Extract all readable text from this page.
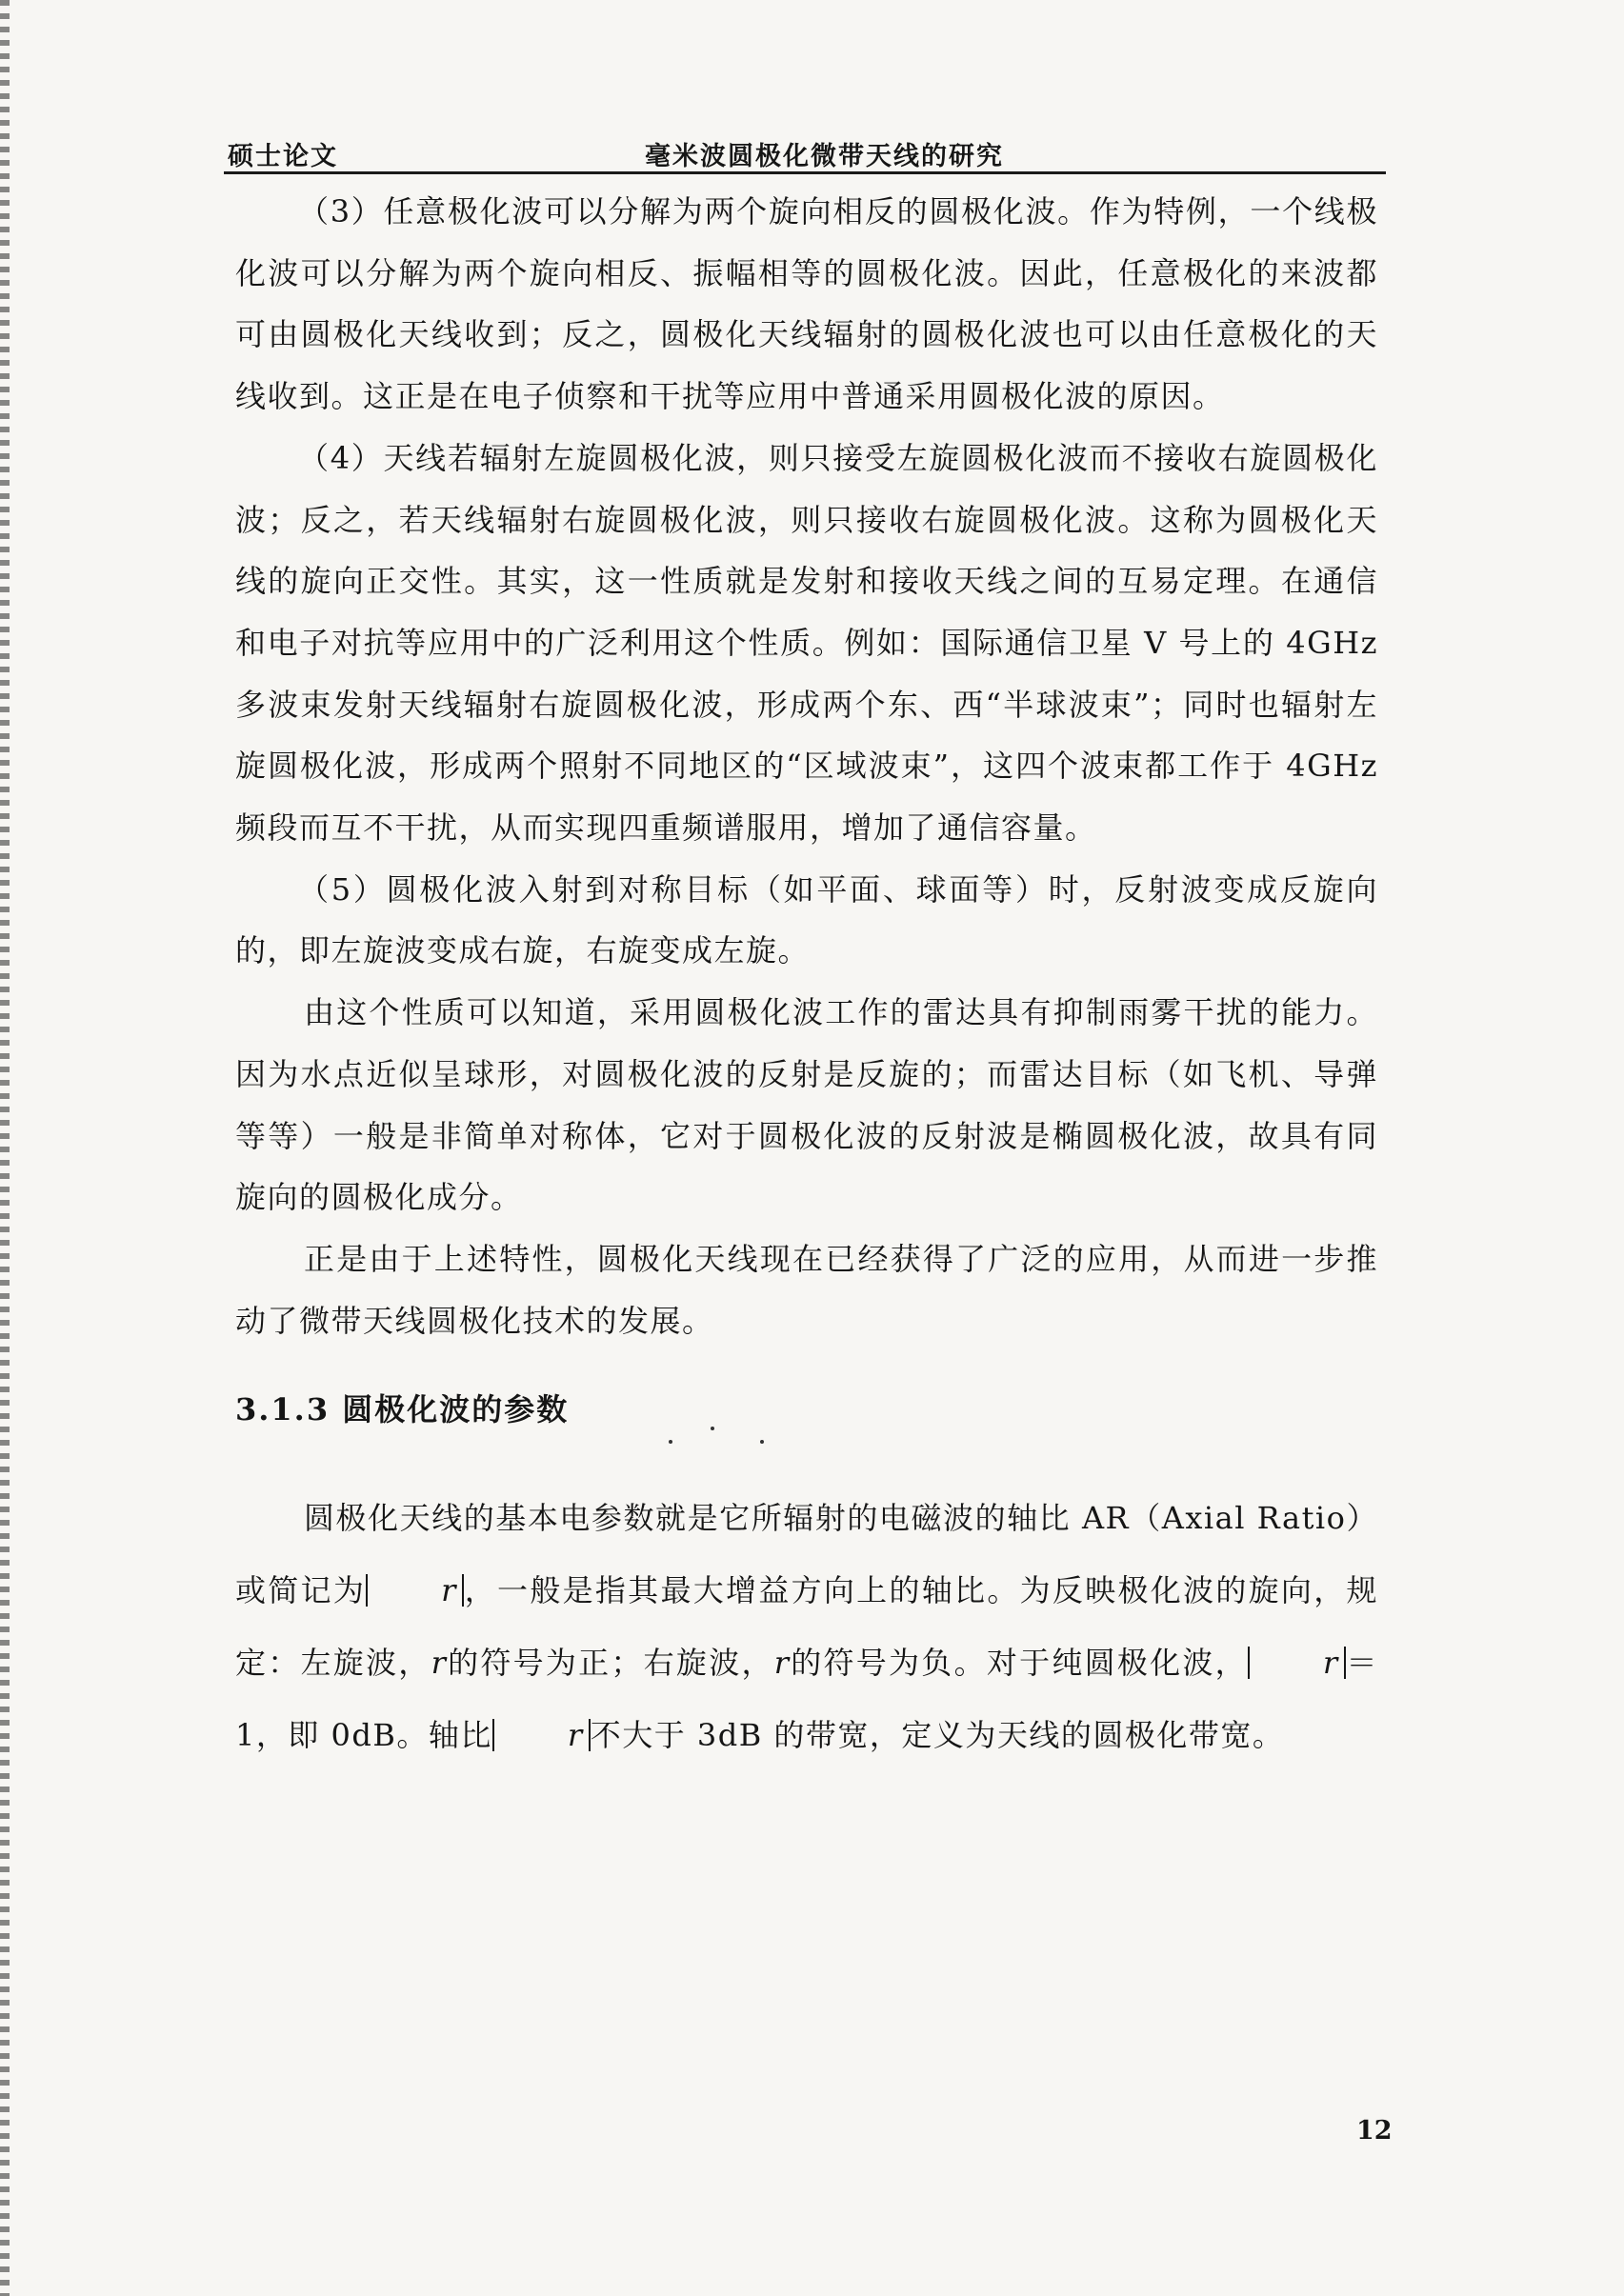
硕士论文	毫米波圆极化微带天线的研究

（3）任意极化波可以分解为两个旋向相反的圆极化波。作为特例，一个线极化波可以分解为两个旋向相反、振幅相等的圆极化波。因此，任意极化的来波都可由圆极化天线收到；反之，圆极化天线辐射的圆极化波也可以由任意极化的天线收到。这正是在电子侦察和干扰等应用中普通采用圆极化波的原因。

（4）天线若辐射左旋圆极化波，则只接受左旋圆极化波而不接收右旋圆极化波；反之，若天线辐射右旋圆极化波，则只接收右旋圆极化波。这称为圆极化天线的旋向正交性。其实，这一性质就是发射和接收天线之间的互易定理。在通信和电子对抗等应用中的广泛利用这个性质。例如：国际通信卫星 V 号上的 4GHz 多波束发射天线辐射右旋圆极化波，形成两个东、西“半球波束”；同时也辐射左旋圆极化波，形成两个照射不同地区的“区域波束”，这四个波束都工作于 4GHz 频段而互不干扰，从而实现四重频谱服用，增加了通信容量。

（5）圆极化波入射到对称目标（如平面、球面等）时，反射波变成反旋向的，即左旋波变成右旋，右旋变成左旋。

由这个性质可以知道，采用圆极化波工作的雷达具有抑制雨雾干扰的能力。因为水点近似呈球形，对圆极化波的反射是反旋的；而雷达目标（如飞机、导弹等等）一般是非简单对称体，它对于圆极化波的反射波是椭圆极化波，故具有同旋向的圆极化成分。

正是由于上述特性，圆极化天线现在已经获得了广泛的应用，从而进一步推动了微带天线圆极化技术的发展。

3.1.3 圆极化波的参数

圆极化天线的基本电参数就是它所辐射的电磁波的轴比 AR（Axial Ratio）或简记为 r ，一般是指其最大增益方向上的轴比。为反映极化波的旋向，规定：左旋波，r的符号为正；右旋波，r的符号为负。对于纯圆极化波， r ＝1，即 0dB。轴比 r 不大于 3dB 的带宽，定义为天线的圆极化带宽。

12
